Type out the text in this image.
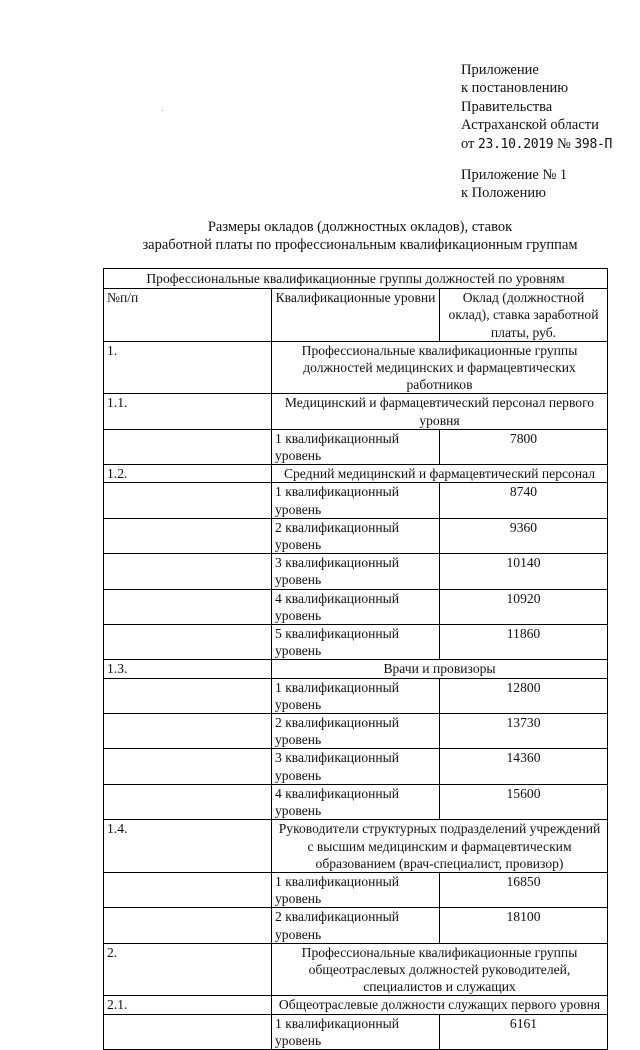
Приложение
к постановлению
Правительства
Астраханской области
от 23.10.2019 № 398-П
Приложение № 1
к Положению
Размеры окладов (должностных окладов), ставок
заработной платы по профессиональным квалификационным группам
Профессиональные квалификационные группы должностей по уровням		
№п/п	Квалификационные уровни	Оклад (должностной оклад), ставка заработной платы, руб.
1.	Профессиональные квалификационные группы должностей медицинских и фармацевтических работников	
1.1.	Медицинский и фармацевтический персонал первого уровня	
	1 квалификационный уровень	7800
1.2.	Средний медицинский и фармацевтический персонал	
	1 квалификационный уровень	8740
	2 квалификационный уровень	9360
	3 квалификационный уровень	10140
	4 квалификационный уровень	10920
	5 квалификационный уровень	11860
1.3.	Врачи и провизоры	
	1 квалификационный уровень	12800
	2 квалификационный уровень	13730
	3 квалификационный уровень	14360
	4 квалификационный уровень	15600
1.4.	Руководители структурных подразделений учреждений с высшим медицинским и фармацевтическим образованием (врач-специалист, провизор)	
	1 квалификационный уровень	16850
	2 квалификационный уровень	18100
2.	Профессиональные квалификационные группы общеотраслевых должностей руководителей, специалистов и служащих	
2.1.	Общеотраслевые должности служащих первого уровня	
	1 квалификационный уровень	6161
